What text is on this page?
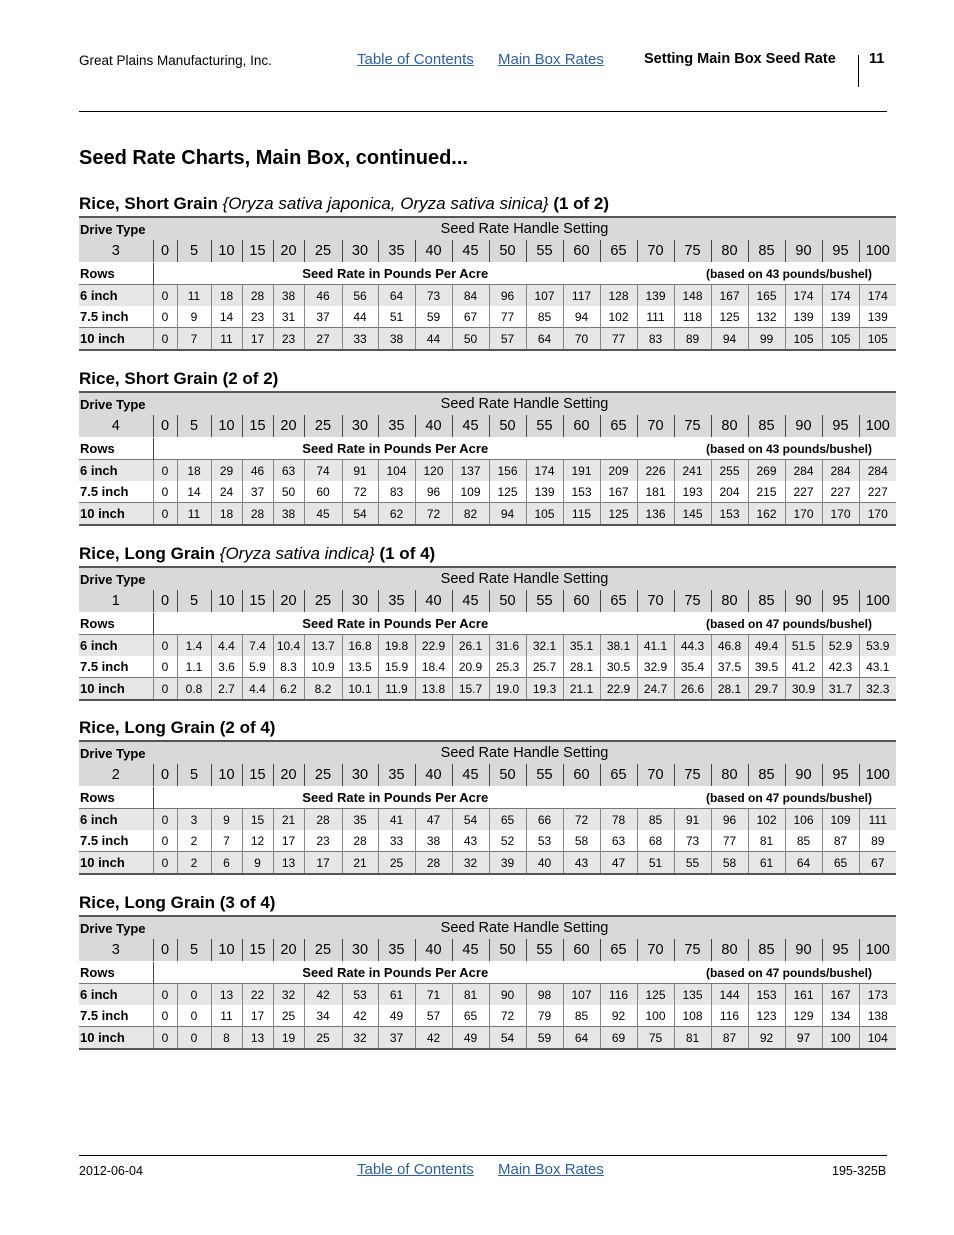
Great Plains Manufacturing, Inc.	Table of Contents Main Box Rates	Setting Main Box Seed Rate 11
Seed Rate Charts, Main Box, continued...
Rice, Short Grain {Oryza sativa japonica, Oryza sativa sinica} (1 of 2)
Drive Type	Seed Rate Handle Setting																				
3	0	5	10	15	20	25	30	35	40	45	50	55	60	65	70	75	80	85	90	95	100
Rows	Seed Rate in Pounds Per Acre														(based on 43 pounds/bushel)						
6 inch	0	11	18	28	38	46	56	64	73	84	96	107	117	128	139	148	167	165	174	174	174
7.5 inch	0	9	14	23	31	37	44	51	59	67	77	85	94	102	111	118	125	132	139	139	139
10 inch	0	7	11	17	23	27	33	38	44	50	57	64	70	77	83	89	94	99	105	105	105
Rice, Short Grain (2 of 2)
Drive Type	Seed Rate Handle Setting																				
4	0	5	10	15	20	25	30	35	40	45	50	55	60	65	70	75	80	85	90	95	100
Rows	Seed Rate in Pounds Per Acre														(based on 43 pounds/bushel)						
6 inch	0	18	29	46	63	74	91	104	120	137	156	174	191	209	226	241	255	269	284	284	284
7.5 inch	0	14	24	37	50	60	72	83	96	109	125	139	153	167	181	193	204	215	227	227	227
10 inch	0	11	18	28	38	45	54	62	72	82	94	105	115	125	136	145	153	162	170	170	170
Rice, Long Grain {Oryza sativa indica} (1 of 4)
Drive Type	Seed Rate Handle Setting																				
1	0	5	10	15	20	25	30	35	40	45	50	55	60	65	70	75	80	85	90	95	100
Rows	Seed Rate in Pounds Per Acre														(based on 47 pounds/bushel)						
6 inch	0	1.4	4.4	7.4	10.4	13.7	16.8	19.8	22.9	26.1	31.6	32.1	35.1	38.1	41.1	44.3	46.8	49.4	51.5	52.9	53.9
7.5 inch	0	1.1	3.6	5.9	8.3	10.9	13.5	15.9	18.4	20.9	25.3	25.7	28.1	30.5	32.9	35.4	37.5	39.5	41.2	42.3	43.1
10 inch	0	0.8	2.7	4.4	6.2	8.2	10.1	11.9	13.8	15.7	19.0	19.3	21.1	22.9	24.7	26.6	28.1	29.7	30.9	31.7	32.3
Rice, Long Grain (2 of 4)
Drive Type	Seed Rate Handle Setting																				
2	0	5	10	15	20	25	30	35	40	45	50	55	60	65	70	75	80	85	90	95	100
Rows	Seed Rate in Pounds Per Acre														(based on 47 pounds/bushel)						
6 inch	0	3	9	15	21	28	35	41	47	54	65	66	72	78	85	91	96	102	106	109	111
7.5 inch	0	2	7	12	17	23	28	33	38	43	52	53	58	63	68	73	77	81	85	87	89
10 inch	0	2	6	9	13	17	21	25	28	32	39	40	43	47	51	55	58	61	64	65	67
Rice, Long Grain (3 of 4)
Drive Type	Seed Rate Handle Setting																				
3	0	5	10	15	20	25	30	35	40	45	50	55	60	65	70	75	80	85	90	95	100
Rows	Seed Rate in Pounds Per Acre														(based on 47 pounds/bushel)						
6 inch	0	0	13	22	32	42	53	61	71	81	90	98	107	116	125	135	144	153	161	167	173
7.5 inch	0	0	11	17	25	34	42	49	57	65	72	79	85	92	100	108	116	123	129	134	138
10 inch	0	0	8	13	19	25	32	37	42	49	54	59	64	69	75	81	87	92	97	100	104
2012-06-04	Table of Contents Main Box Rates	195-325B
